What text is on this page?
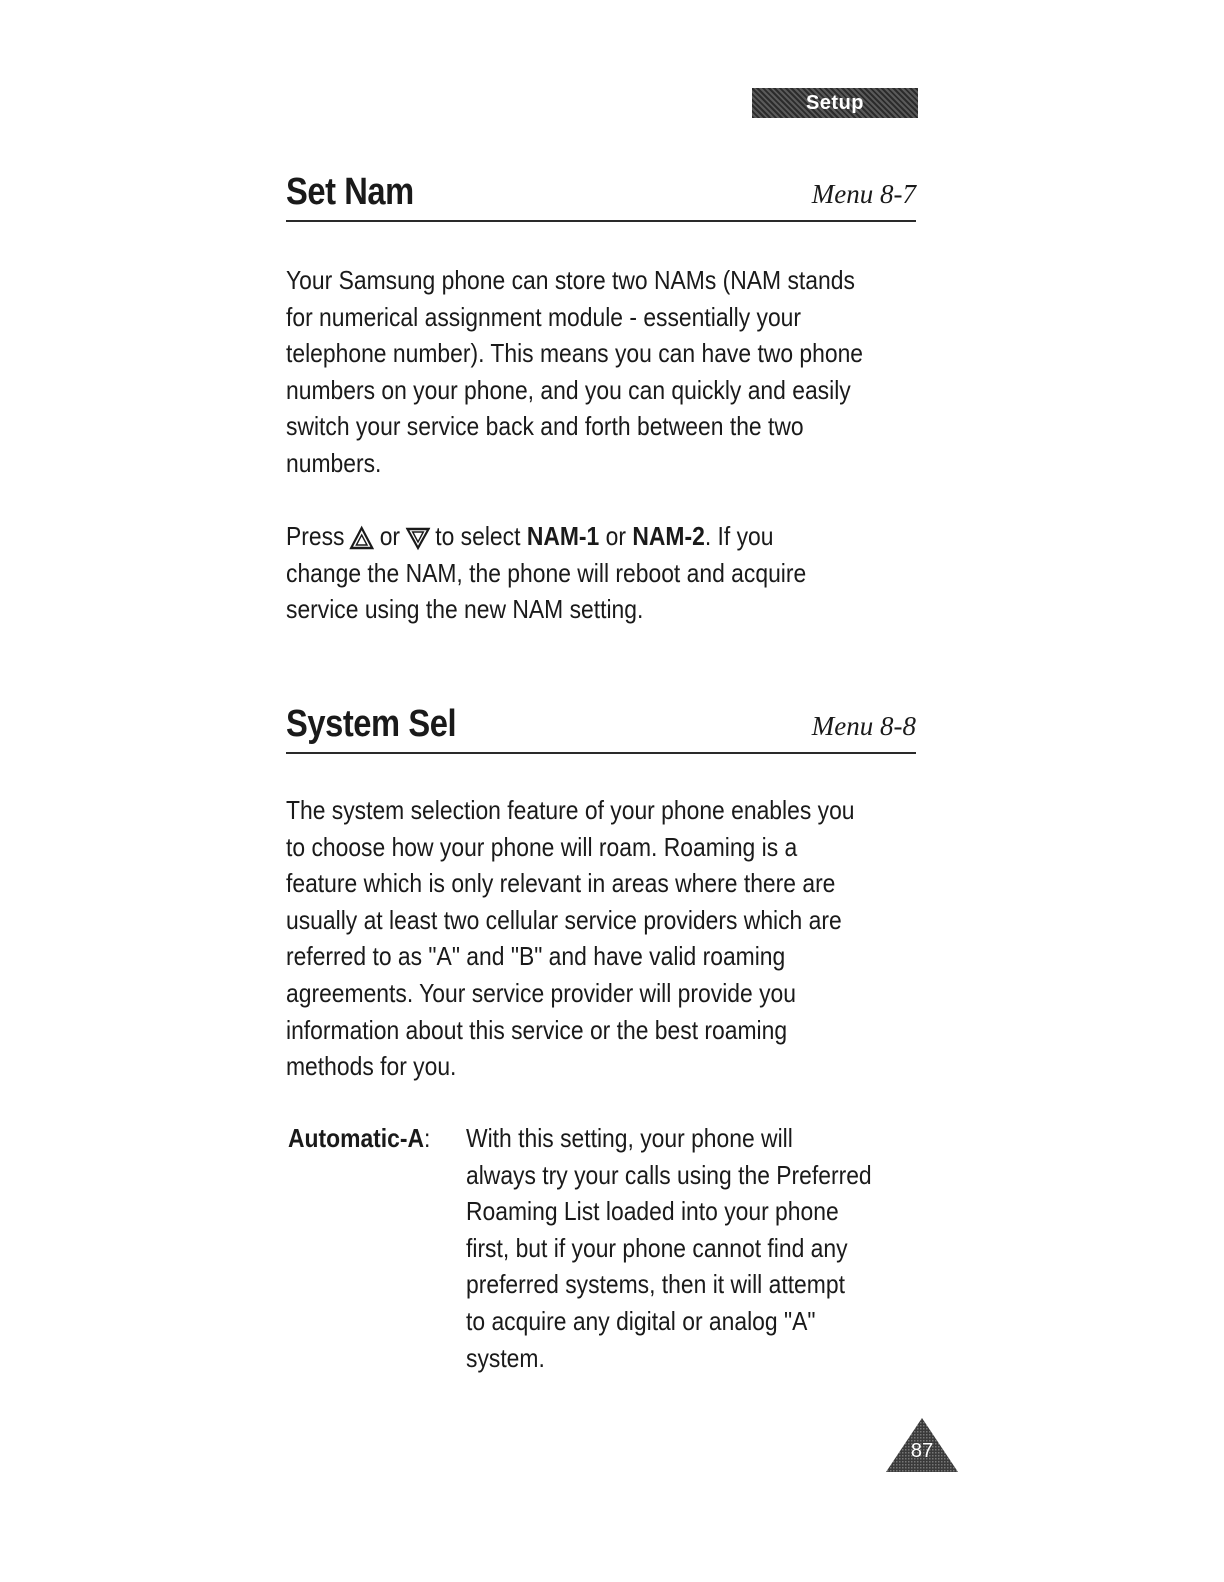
Setup
Set Nam	Menu 8-7
Your Samsung phone can store two NAMs (NAM stands
for numerical assignment module - essentially your
telephone number). This means you can have two phone
numbers on your phone, and you can quickly and easily
switch your service back and forth between the two
numbers.
Press or to select NAM-1 or NAM-2. If you
change the NAM, the phone will reboot and acquire
service using the new NAM setting.
System Sel	Menu 8-8
The system selection feature of your phone enables you
to choose how your phone will roam. Roaming is a
feature which is only relevant in areas where there are
usually at least two cellular service providers which are
referred to as "A" and "B" and have valid roaming
agreements. Your service provider will provide you
information about this service or the best roaming
methods for you.
Automatic-A: With this setting, your phone will
always try your calls using the Preferred
Roaming List loaded into your phone
first, but if your phone cannot find any
preferred systems, then it will attempt
to acquire any digital or analog "A"
system.
87
